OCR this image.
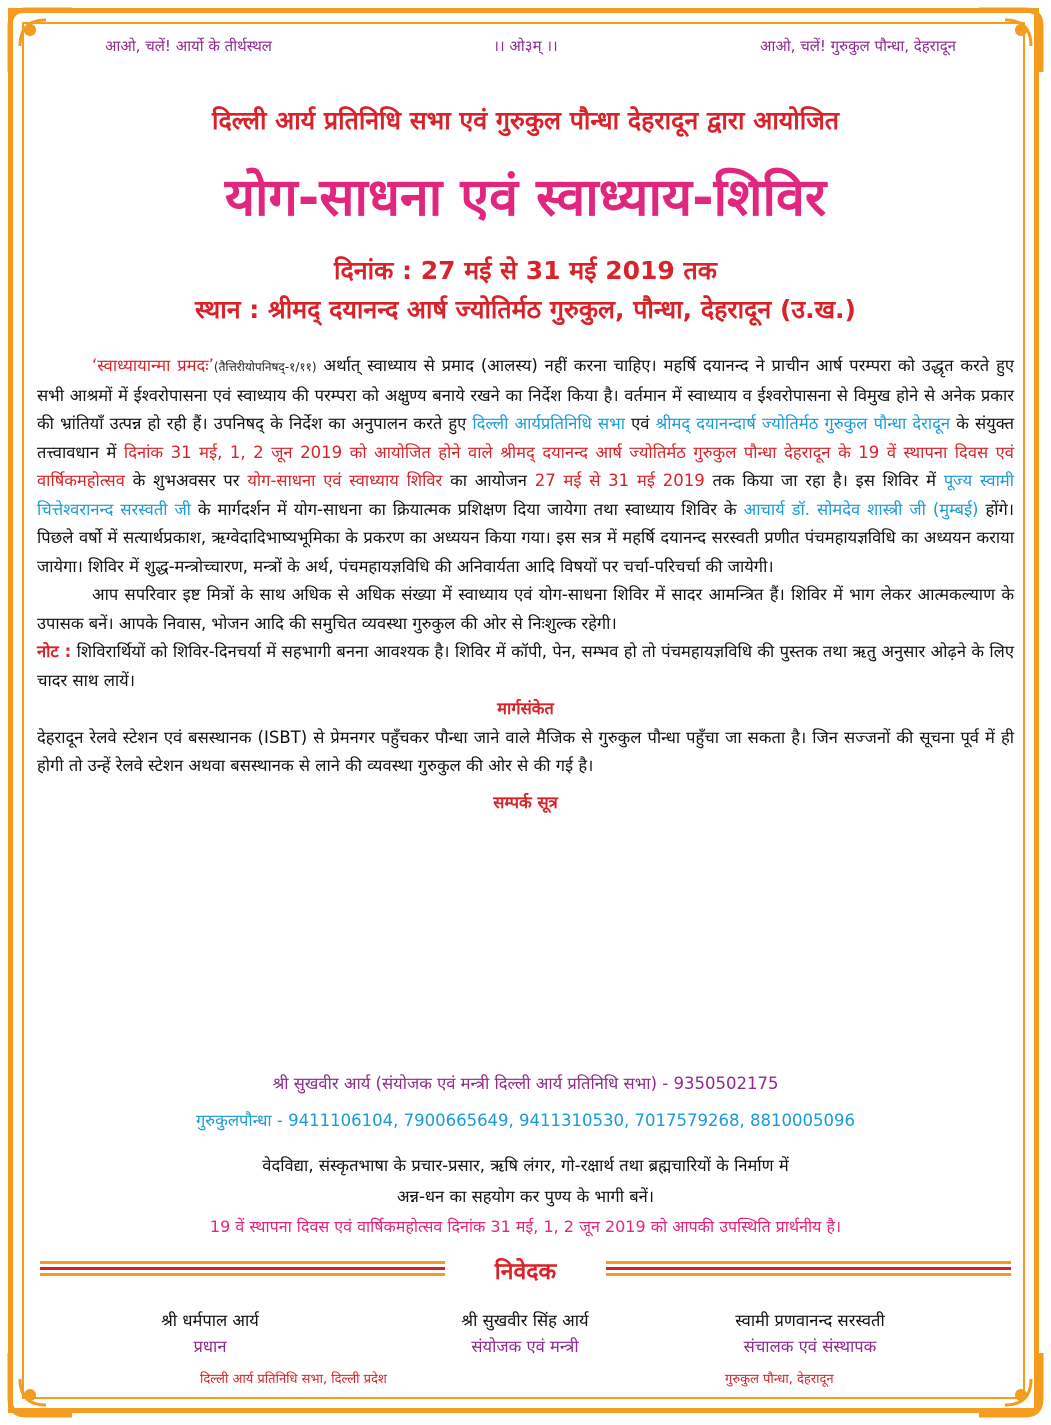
आओ, चलें! आर्यो के तीर्थस्थल	।। ओ३म् ।।	आओ, चलें! गुरुकुल पौन्धा, देहरादून
दिल्ली आर्य प्रतिनिधि सभा एवं गुरुकुल पौन्धा देहरादून द्वारा आयोजित
योग-साधना एवं स्वाध्याय-शिविर
दिनांक : 27 मई से 31 मई 2019 तक
स्थान : श्रीमद् दयानन्द आर्ष ज्योतिर्मठ गुरुकुल, पौन्धा, देहरादून (उ.ख.)

‘स्वाध्यायान्मा प्रमदः’(तैत्तिरीयोपनिषद्-१/११) अर्थात् स्वाध्याय से प्रमाद (आलस्य) नहीं करना चाहिए। महर्षि दयानन्द ने प्राचीन आर्ष परम्परा को उद्धृत करते हुए सभी आश्रमों में ईश्वरोपासना एवं स्वाध्याय की परम्परा को अक्षुण्य बनाये रखने का निर्देश किया है। वर्तमान में स्वाध्याय व ईश्वरोपासना से विमुख होने से अनेक प्रकार की भ्रांतियॉं उत्पन्न हो रही हैं। उपनिषद् के निर्देश का अनुपालन करते हुए दिल्ली आर्यप्रतिनिधि सभा एवं श्रीमद् दयानन्दार्ष ज्योतिर्मठ गुरुकुल पौन्धा देरादून के संयुक्त तत्त्वावधान में दिनांक 31 मई, 1, 2 जून 2019 को आयोजित होने वाले श्रीमद् दयानन्द आर्ष ज्योतिर्मठ गुरुकुल पौन्धा देहरादून के 19 वें स्थापना दिवस एवं वार्षिकमहोत्सव के शुभअवसर पर योग-साधना एवं स्वाध्याय शिविर का आयोजन 27 मई से 31 मई 2019 तक किया जा रहा है। इस शिविर में पूज्य स्वामी चित्तेश्वरानन्द सरस्वती जी के मार्गदर्शन में योग-साधना का क्रियात्मक प्रशिक्षण दिया जायेगा तथा स्वाध्याय शिविर के आचार्य डॉ. सोमदेव शास्त्री जी (मुम्बई) होंगे। पिछले वर्षो में सत्यार्थप्रकाश, ऋग्वेदादिभाष्यभूमिका के प्रकरण का अध्ययन किया गया। इस सत्र में महर्षि दयानन्द सरस्वती प्रणीत पंचमहायज्ञविधि का अध्ययन कराया जायेगा। शिविर में शुद्ध-मन्त्रोच्चारण, मन्त्रों के अर्थ, पंचमहायज्ञविधि की अनिवार्यता आदि विषयों पर चर्चा-परिचर्चा की जायेगी।

आप सपरिवार इष्ट मित्रों के साथ अधिक से अधिक संख्या में स्वाध्याय एवं योग-साधना शिविर में सादर आमन्त्रित हैं। शिविर में भाग लेकर आत्मकल्याण के उपासक बनें। आपके निवास, भोजन आदि की समुचित व्यवस्था गुरुकुल की ओर से निःशुल्क रहेगी।

नोट : शिविरार्थियों को शिविर-दिनचर्या में सहभागी बनना आवश्यक है। शिविर में कॉपी, पेन, सम्भव हो तो पंचमहायज्ञविधि की पुस्तक तथा ऋतु अनुसार ओढ़ने के लिए चादर साथ लायें।

मार्गसंकेत

देहरादून रेलवे स्टेशन एवं बसस्थानक (ISBT) से प्रेमनगर पहुँचकर पौन्धा जाने वाले मैजिक से गुरुकुल पौन्धा पहुँचा जा सकता है। जिन सज्जनों की सूचना पूर्व में ही होगी तो उन्हें रेलवे स्टेशन अथवा बसस्थानक से लाने की व्यवस्था गुरुकुल की ओर से की गई है।

सम्पर्क सूत्र

श्री सुखवीर आर्य (संयोजक एवं मन्त्री दिल्ली आर्य प्रतिनिधि सभा) - 9350502175
गुरुकुलपौन्धा - 9411106104, 7900665649, 9411310530, 7017579268, 8810005096
वेदविद्या, संस्कृतभाषा के प्रचार-प्रसार, ऋषि लंगर, गो-रक्षार्थ तथा ब्रह्मचारियों के निर्माण में
अन्न-धन का सहयोग कर पुण्य के भागी बनें।
19 वें स्थापना दिवस एवं वार्षिकमहोत्सव दिनांक 31 मई, 1, 2 जून 2019 को आपकी उपस्थिति प्रार्थनीय है।
निवेदक
श्री धर्मपाल आर्य
प्रधान
श्री सुखवीर सिंह आर्य
संयोजक एवं मन्त्री
स्वामी प्रणवानन्द सरस्वती
संचालक एवं संस्थापक
दिल्ली आर्य प्रतिनिधि सभा, दिल्ली प्रदेश	गुरुकुल पौन्धा, देहरादून
